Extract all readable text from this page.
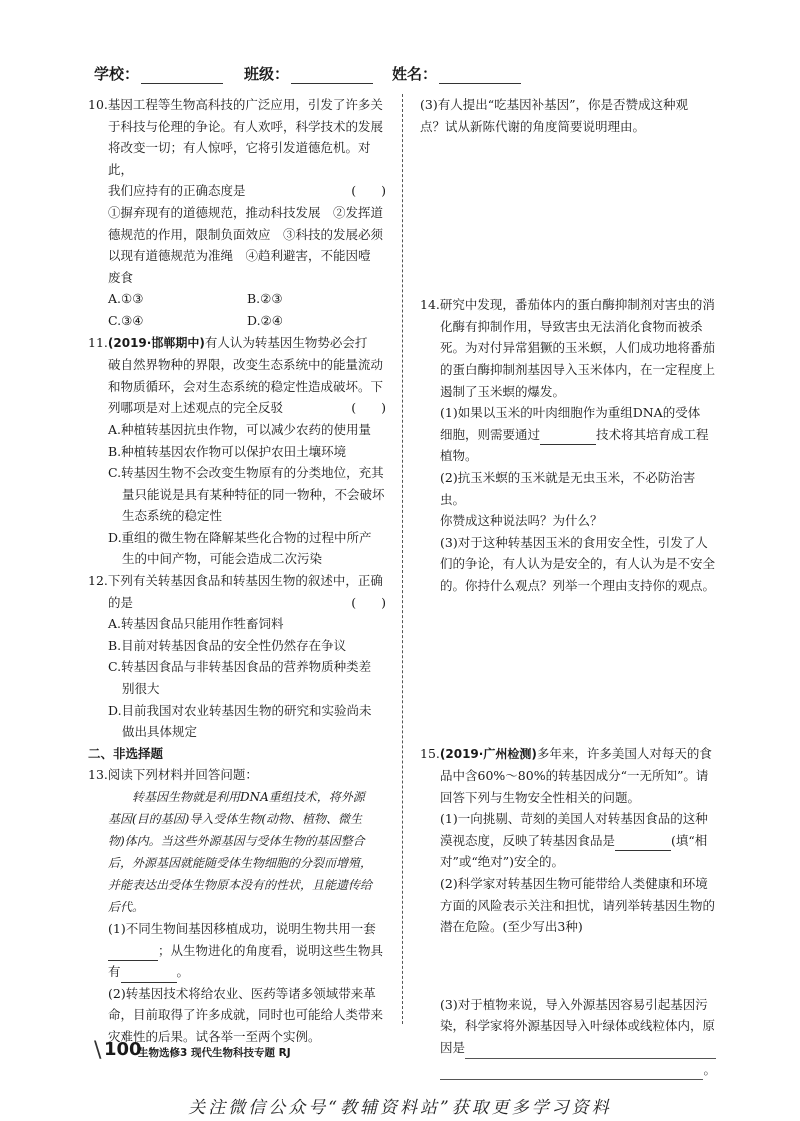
学校：	班级：	姓名：

10.基因工程等生物高科技的广泛应用，引发了许多关

于科技与伦理的争论。有人欢呼，科学技术的发展

将改变一切；有人惊呼，它将引发道德危机。对此，

我们应持有的正确态度是	(　　)

①摒弃现有的道德规范，推动科技发展　②发挥道

德规范的作用，限制负面效应　③科技的发展必须

以现有道德规范为准绳　④趋利避害，不能因噎

废食

A.①③	B.②③
C.③④	D.②④

11.(2019·邯郸期中)有人认为转基因生物势必会打

破自然界物种的界限，改变生态系统中的能量流动

和物质循环，会对生态系统的稳定性造成破坏。下

列哪项是对上述观点的完全反驳	(　　)

A.种植转基因抗虫作物，可以减少农药的使用量

B.种植转基因农作物可以保护农田土壤环境

C.转基因生物不会改变生物原有的分类地位，充其

量只能说是具有某种特征的同一物种，不会破坏

生态系统的稳定性

D.重组的微生物在降解某些化合物的过程中所产

生的中间产物，可能会造成二次污染

12.下列有关转基因食品和转基因生物的叙述中，正确

的是	(　　)

A.转基因食品只能用作牲畜饲料

B.目前对转基因食品的安全性仍然存在争议

C.转基因食品与非转基因食品的营养物质种类差

别很大

D.目前我国对农业转基因生物的研究和实验尚未

做出具体规定

二、非选择题

13.阅读下列材料并回答问题：

　　转基因生物就是利用DNA重组技术，将外源

基因(目的基因)导入受体生物(动物、植物、微生

物)体内。当这些外源基因与受体生物的基因整合

后，外源基因就能随受体生物细胞的分裂而增殖，

并能表达出受体生物原本没有的性状，且能遗传给

后代。

(1)不同生物间基因移植成功，说明生物共用一套

；从生物进化的角度看，说明这些生物具

有	。

(2)转基因技术将给农业、医药等诸多领域带来革

命，目前取得了许多成就，同时也可能给人类带来

灾难性的后果。试各举一至两个实例。

(3)有人提出“吃基因补基因”，你是否赞成这种观

点？试从新陈代谢的角度简要说明理由。

14.研究中发现，番茄体内的蛋白酶抑制剂对害虫的消

化酶有抑制作用，导致害虫无法消化食物而被杀

死。为对付异常猖獗的玉米螟，人们成功地将番茄

的蛋白酶抑制剂基因导入玉米体内，在一定程度上

遏制了玉米螟的爆发。

(1)如果以玉米的叶肉细胞作为重组DNA的受体

细胞，则需要通过	技术将其培育成工程

植物。

(2)抗玉米螟的玉米就是无虫玉米，不必防治害虫。

你赞成这种说法吗？为什么？

(3)对于这种转基因玉米的食用安全性，引发了人

们的争论，有人认为是安全的，有人认为是不安全

的。你持什么观点？列举一个理由支持你的观点。

15.(2019·广州检测)多年来，许多美国人对每天的食

品中含60%～80%的转基因成分“一无所知”。请

回答下列与生物安全性相关的问题。

(1)一向挑剔、苛刻的美国人对转基因食品的这种

漠视态度，反映了转基因食品是	(填“相

对”或“绝对”)安全的。

(2)科学家对转基因生物可能带给人类健康和环境

方面的风险表示关注和担忧，请列举转基因生物的

潜在危险。(至少写出3种)

(3)对于植物来说，导入外源基因容易引起基因污

染，科学家将外源基因导入叶绿体或线粒体内，原

因是

。

\ 100
生物选修3 现代生物科技专题 RJ
关注微信公众号“教辅资料站”获取更多学习资料
